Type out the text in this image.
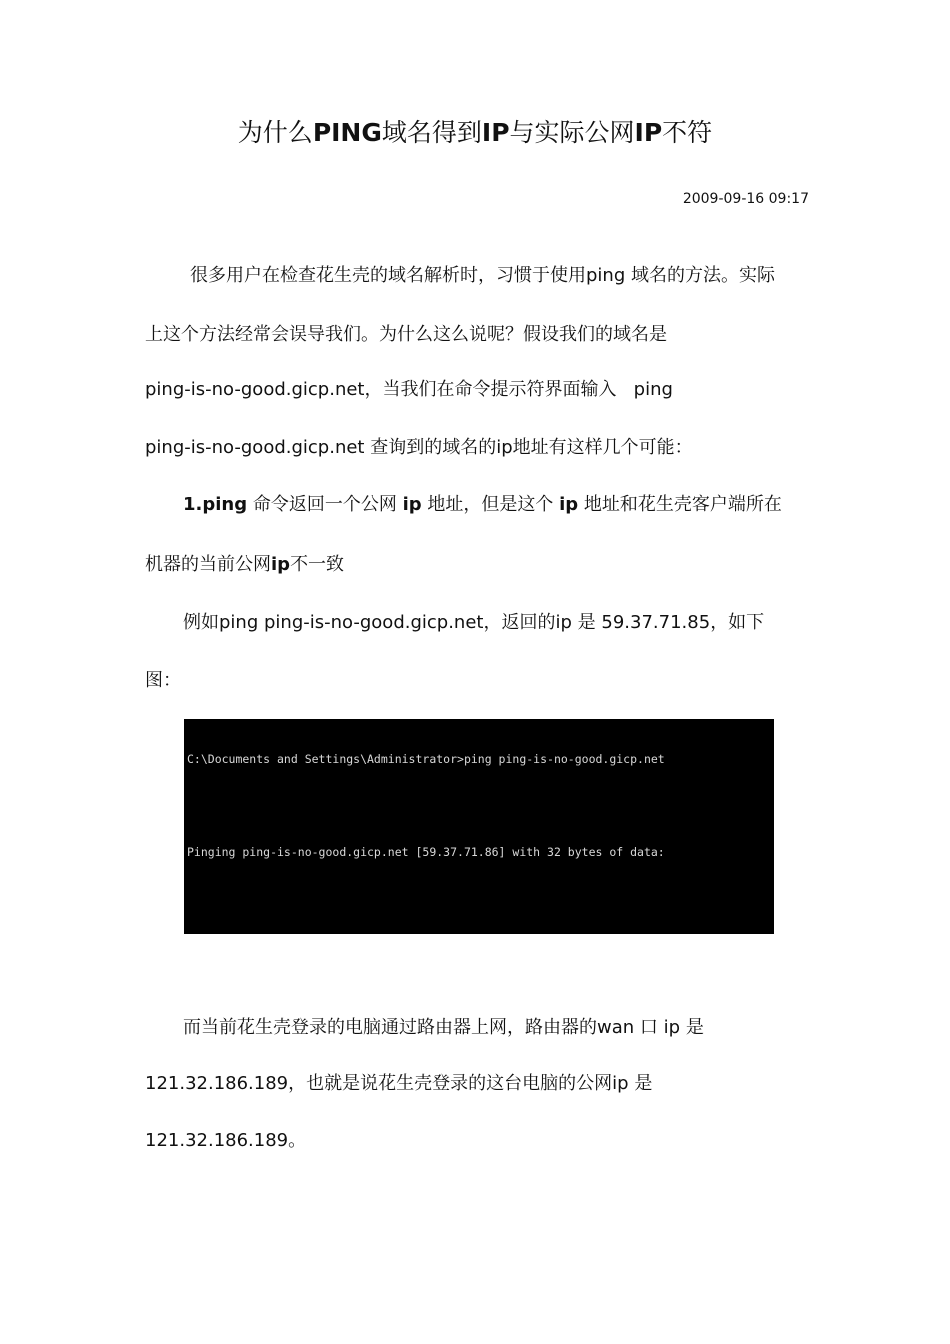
为什么PING域名得到IP与实际公网IP不符
2009-09-16 09:17
很多用户在检查花生壳的域名解析时，习惯于使用ping 域名的方法。实际
上这个方法经常会误导我们。为什么这么说呢？假设我们的域名是
ping-is-no-good.gicp.net，当我们在命令提示符界面输入 ping
ping-is-no-good.gicp.net 查询到的域名的ip地址有这样几个可能：
1.ping 命令返回一个公网 ip 地址，但是这个 ip 地址和花生壳客户端所在
机器的当前公网ip不一致
例如ping ping-is-no-good.gicp.net，返回的ip 是 59.37.71.85，如下
图：

C:\Documents and Settings\Administrator>ping ping-is-no-good.gicp.net

Pinging ping-is-no-good.gicp.net [59.37.71.86] with 32 bytes of data:

而当前花生壳登录的电脑通过路由器上网，路由器的wan 口 ip 是
121.32.186.189，也就是说花生壳登录的这台电脑的公网ip 是
121.32.186.189。
